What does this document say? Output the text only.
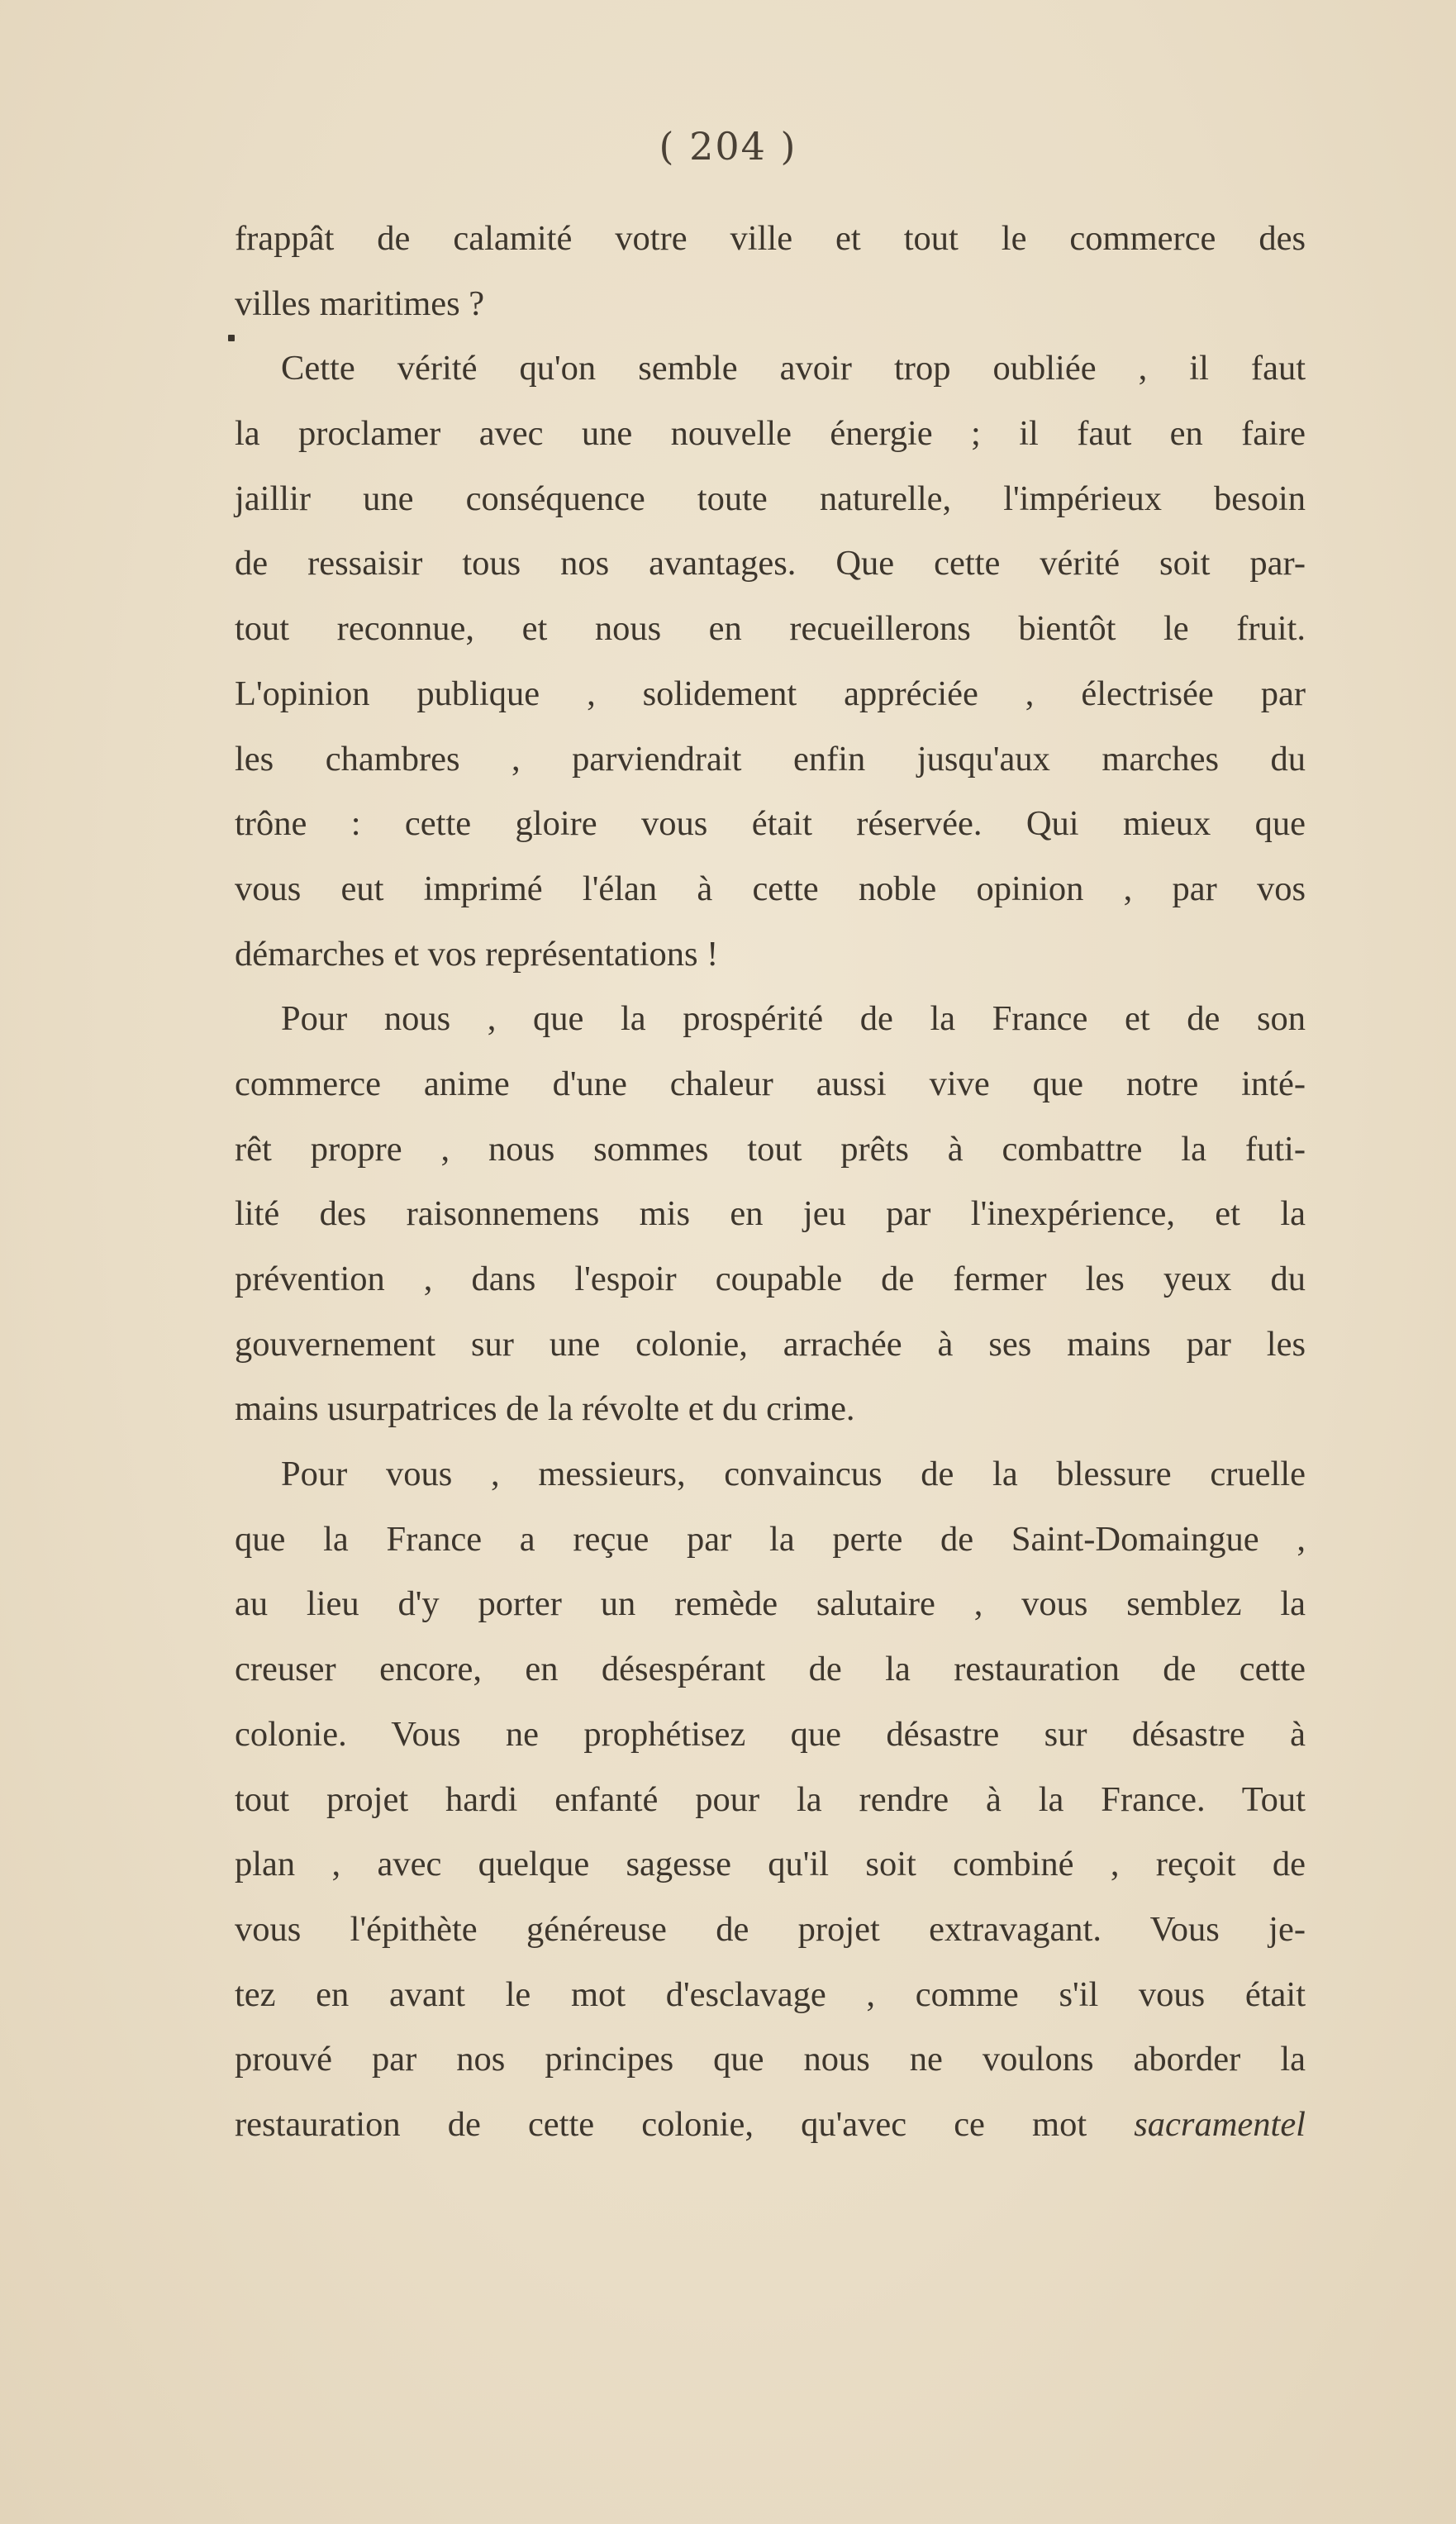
( 204 )
frappât de calamité votre ville et tout le commerce des
villes maritimes ?
Cette vérité qu'on semble avoir trop oubliée , il faut
la proclamer avec une nouvelle énergie ; il faut en faire
jaillir une conséquence toute naturelle, l'impérieux besoin
de ressaisir tous nos avantages. Que cette vérité soit par-
tout reconnue, et nous en recueillerons bientôt le fruit.
L'opinion publique , solidement appréciée , électrisée par
les chambres , parviendrait enfin jusqu'aux marches du
trône : cette gloire vous était réservée. Qui mieux que
vous eut imprimé l'élan à cette noble opinion , par vos
démarches et vos représentations !
Pour nous , que la prospérité de la France et de son
commerce anime d'une chaleur aussi vive que notre inté-
rêt propre , nous sommes tout prêts à combattre la futi-
lité des raisonnemens mis en jeu par l'inexpérience, et la
prévention , dans l'espoir coupable de fermer les yeux du
gouvernement sur une colonie, arrachée à ses mains par les
mains usurpatrices de la révolte et du crime.
Pour vous , messieurs, convaincus de la blessure cruelle
que la France a reçue par la perte de Saint-Domaingue ,
au lieu d'y porter un remède salutaire , vous semblez la
creuser encore, en désespérant de la restauration de cette
colonie. Vous ne prophétisez que désastre sur désastre à
tout projet hardi enfanté pour la rendre à la France. Tout
plan , avec quelque sagesse qu'il soit combiné , reçoit de
vous l'épithète généreuse de projet extravagant. Vous je-
tez en avant le mot d'esclavage , comme s'il vous était
prouvé par nos principes que nous ne voulons aborder la
restauration de cette colonie, qu'avec ce mot sacramentel
